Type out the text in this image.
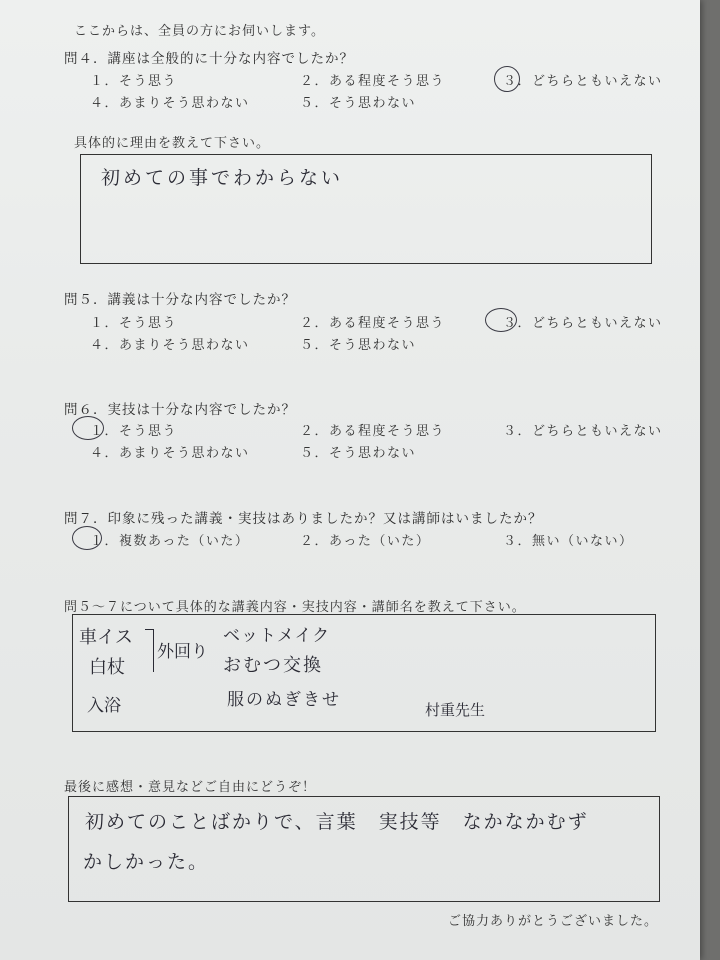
ここからは、全員の方にお伺いします。
問４．講座は全般的に十分な内容でしたか？
１．そう思う	２．ある程度そう思う	３．どちらともいえない
４．あまりそう思わない	５．そう思わない
具体的に理由を教えて下さい。
初めての事でわからない
問５．講義は十分な内容でしたか？
１．そう思う	２．ある程度そう思う	３．どちらともいえない
４．あまりそう思わない	５．そう思わない
問６．実技は十分な内容でしたか？
１．そう思う	２．ある程度そう思う	３．どちらともいえない
４．あまりそう思わない	５．そう思わない
問７．印象に残った講義・実技はありましたか？又は講師はいましたか？
１．複数あった（いた）	２．あった（いた）	３．無い（いない）
問５～７について具体的な講義内容・実技内容・講師名を教えて下さい。
車イス
白杖
入浴
外回り
ベットメイク
おむつ交換
服のぬぎきせ	村重先生
最後に感想・意見などご自由にどうぞ！
初めてのことばかりで、言葉　実技等　なかなかむず
かしかった。
ご協力ありがとうございました。
